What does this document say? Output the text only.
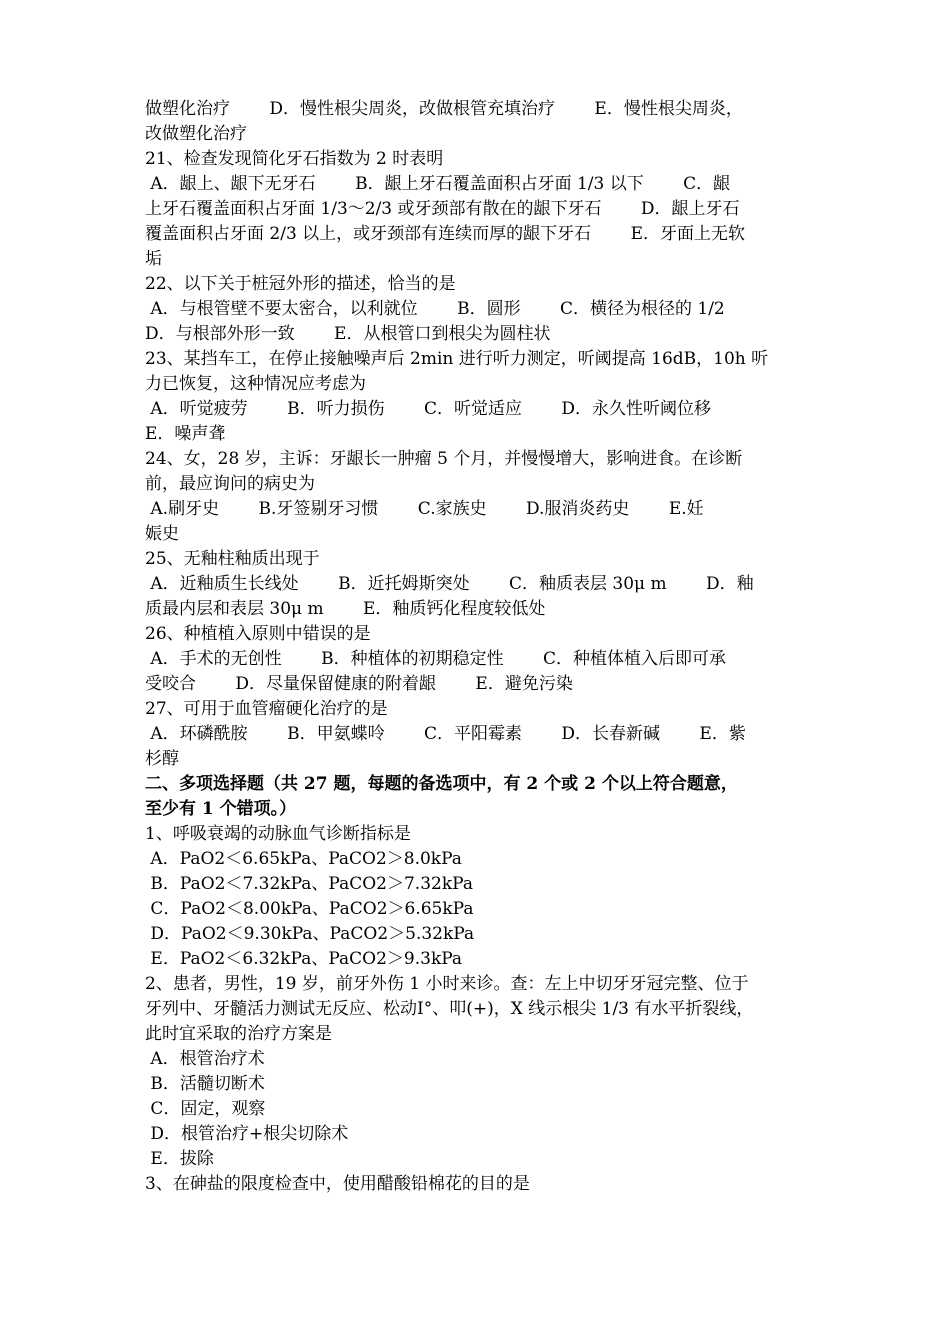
做塑化治疗　　 D．慢性根尖周炎，改做根管充填治疗　　 E．慢性根尖周炎，
改做塑化治疗
21、检查发现简化牙石指数为 2 时表明
A．龈上、龈下无牙石　　 B．龈上牙石覆盖面积占牙面 1/3 以下　　 C．龈
上牙石覆盖面积占牙面 1/3～2/3 或牙颈部有散在的龈下牙石　　 D．龈上牙石
覆盖面积占牙面 2/3 以上，或牙颈部有连续而厚的龈下牙石　　 E．牙面上无软
垢
22、以下关于桩冠外形的描述，恰当的是
A．与根管壁不要太密合，以利就位　　 B．圆形　　 C．横径为根径的 1/2
D．与根部外形一致　　 E．从根管口到根尖为圆柱状
23、某挡车工，在停止接触噪声后 2min 进行听力测定，听阈提高 16dB，10h 听
力已恢复，这种情况应考虑为
A．听觉疲劳　　 B．听力损伤　　 C．听觉适应　　 D．永久性听阈位移
E．噪声聋
24、女，28 岁，主诉：牙龈长一肿瘤 5 个月，并慢慢增大，影响进食。在诊断
前，最应询问的病史为
A.刷牙史　　 B.牙签剔牙习惯　　 C.家族史　　 D.服消炎药史　　 E.妊
娠史
25、无釉柱釉质出现于
A．近釉质生长线处　　 B．近托姆斯突处　　 C．釉质表层 30μ m　　 D．釉
质最内层和表层 30μ m　　 E．釉质钙化程度较低处
26、种植植入原则中错误的是
A．手术的无创性　　 B．种植体的初期稳定性　　 C．种植体植入后即可承
受咬合　　 D．尽量保留健康的附着龈　　 E．避免污染
27、可用于血管瘤硬化治疗的是
A．环磷酰胺　　 B．甲氨蝶呤　　 C．平阳霉素　　 D．长春新碱　　 E．紫
杉醇
二、多项选择题（共 27 题，每题的备选项中，有 2 个或 2 个以上符合题意，
至少有 1 个错项。）
1、呼吸衰竭的动脉血气诊断指标是
A．PaO2＜6.65kPa、PaCO2＞8.0kPa
B．PaO2＜7.32kPa、PaCO2＞7.32kPa
C．PaO2＜8.00kPa、PaCO2＞6.65kPa
D．PaO2＜9.30kPa、PaCO2＞5.32kPa
E．PaO2＜6.32kPa、PaCO2＞9.3kPa
2、患者，男性，19 岁，前牙外伤 1 小时来诊。查：左上中切牙牙冠完整、位于
牙列中、牙髓活力测试无反应、松动Ⅰ°、叩(+)，X 线示根尖 1/3 有水平折裂线，
此时宜采取的治疗方案是
A．根管治疗术
B．活髓切断术
C．固定，观察
D．根管治疗+根尖切除术
E．拔除
3、在砷盐的限度检查中，使用醋酸铅棉花的目的是
